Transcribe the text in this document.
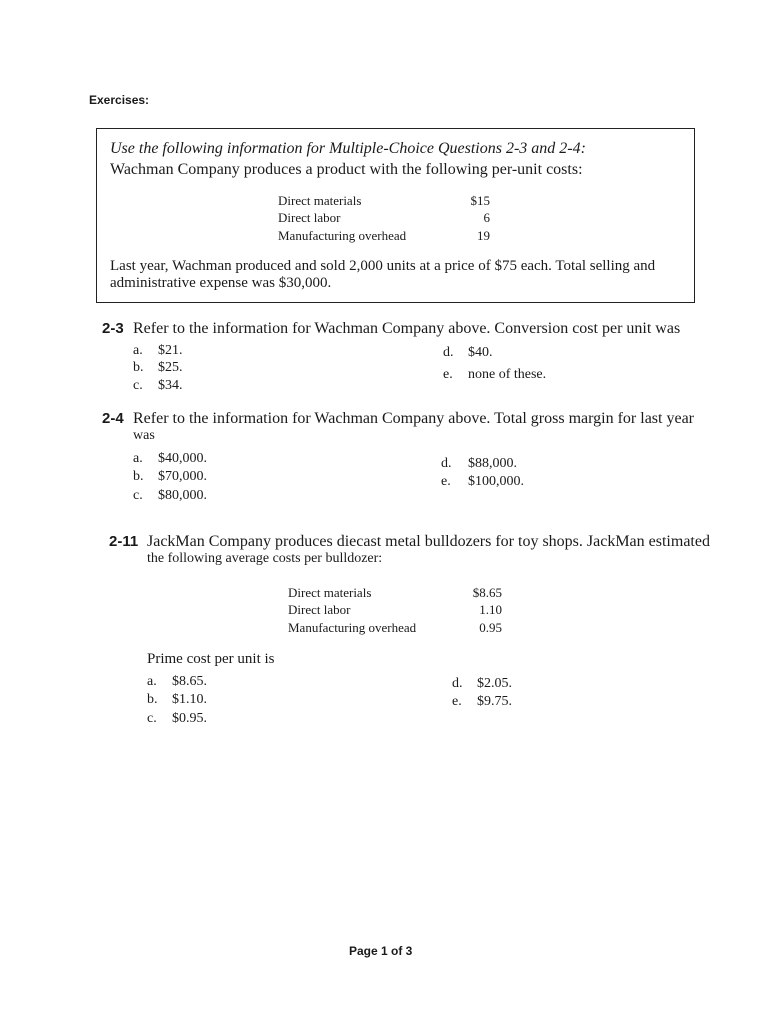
Exercises:
Use the following information for Multiple-Choice Questions 2-3 and 2-4:
Wachman Company produces a product with the following per-unit costs:
Direct materials
Direct labor
Manufacturing overhead
$15
6
19
Last year, Wachman produced and sold 2,000 units at a price of $75 each. Total selling and
administrative expense was $30,000.
2-3 Refer to the information for Wachman Company above. Conversion cost per unit was
a. $21.
b. $25.
c. $34.
d. $40.
e. none of these.
2-4 Refer to the information for Wachman Company above. Total gross margin for last year
was
a. $40,000.
b. $70,000.
c. $80,000.
d. $88,000.
e. $100,000.
2-11 JackMan Company produces diecast metal bulldozers for toy shops. JackMan estimated
the following average costs per bulldozer:
Direct materials
Direct labor
Manufacturing overhead
$8.65
1.10
0.95
Prime cost per unit is
a. $8.65.
b. $1.10.
c. $0.95.
d. $2.05.
e. $9.75.
Page 1 of 3
